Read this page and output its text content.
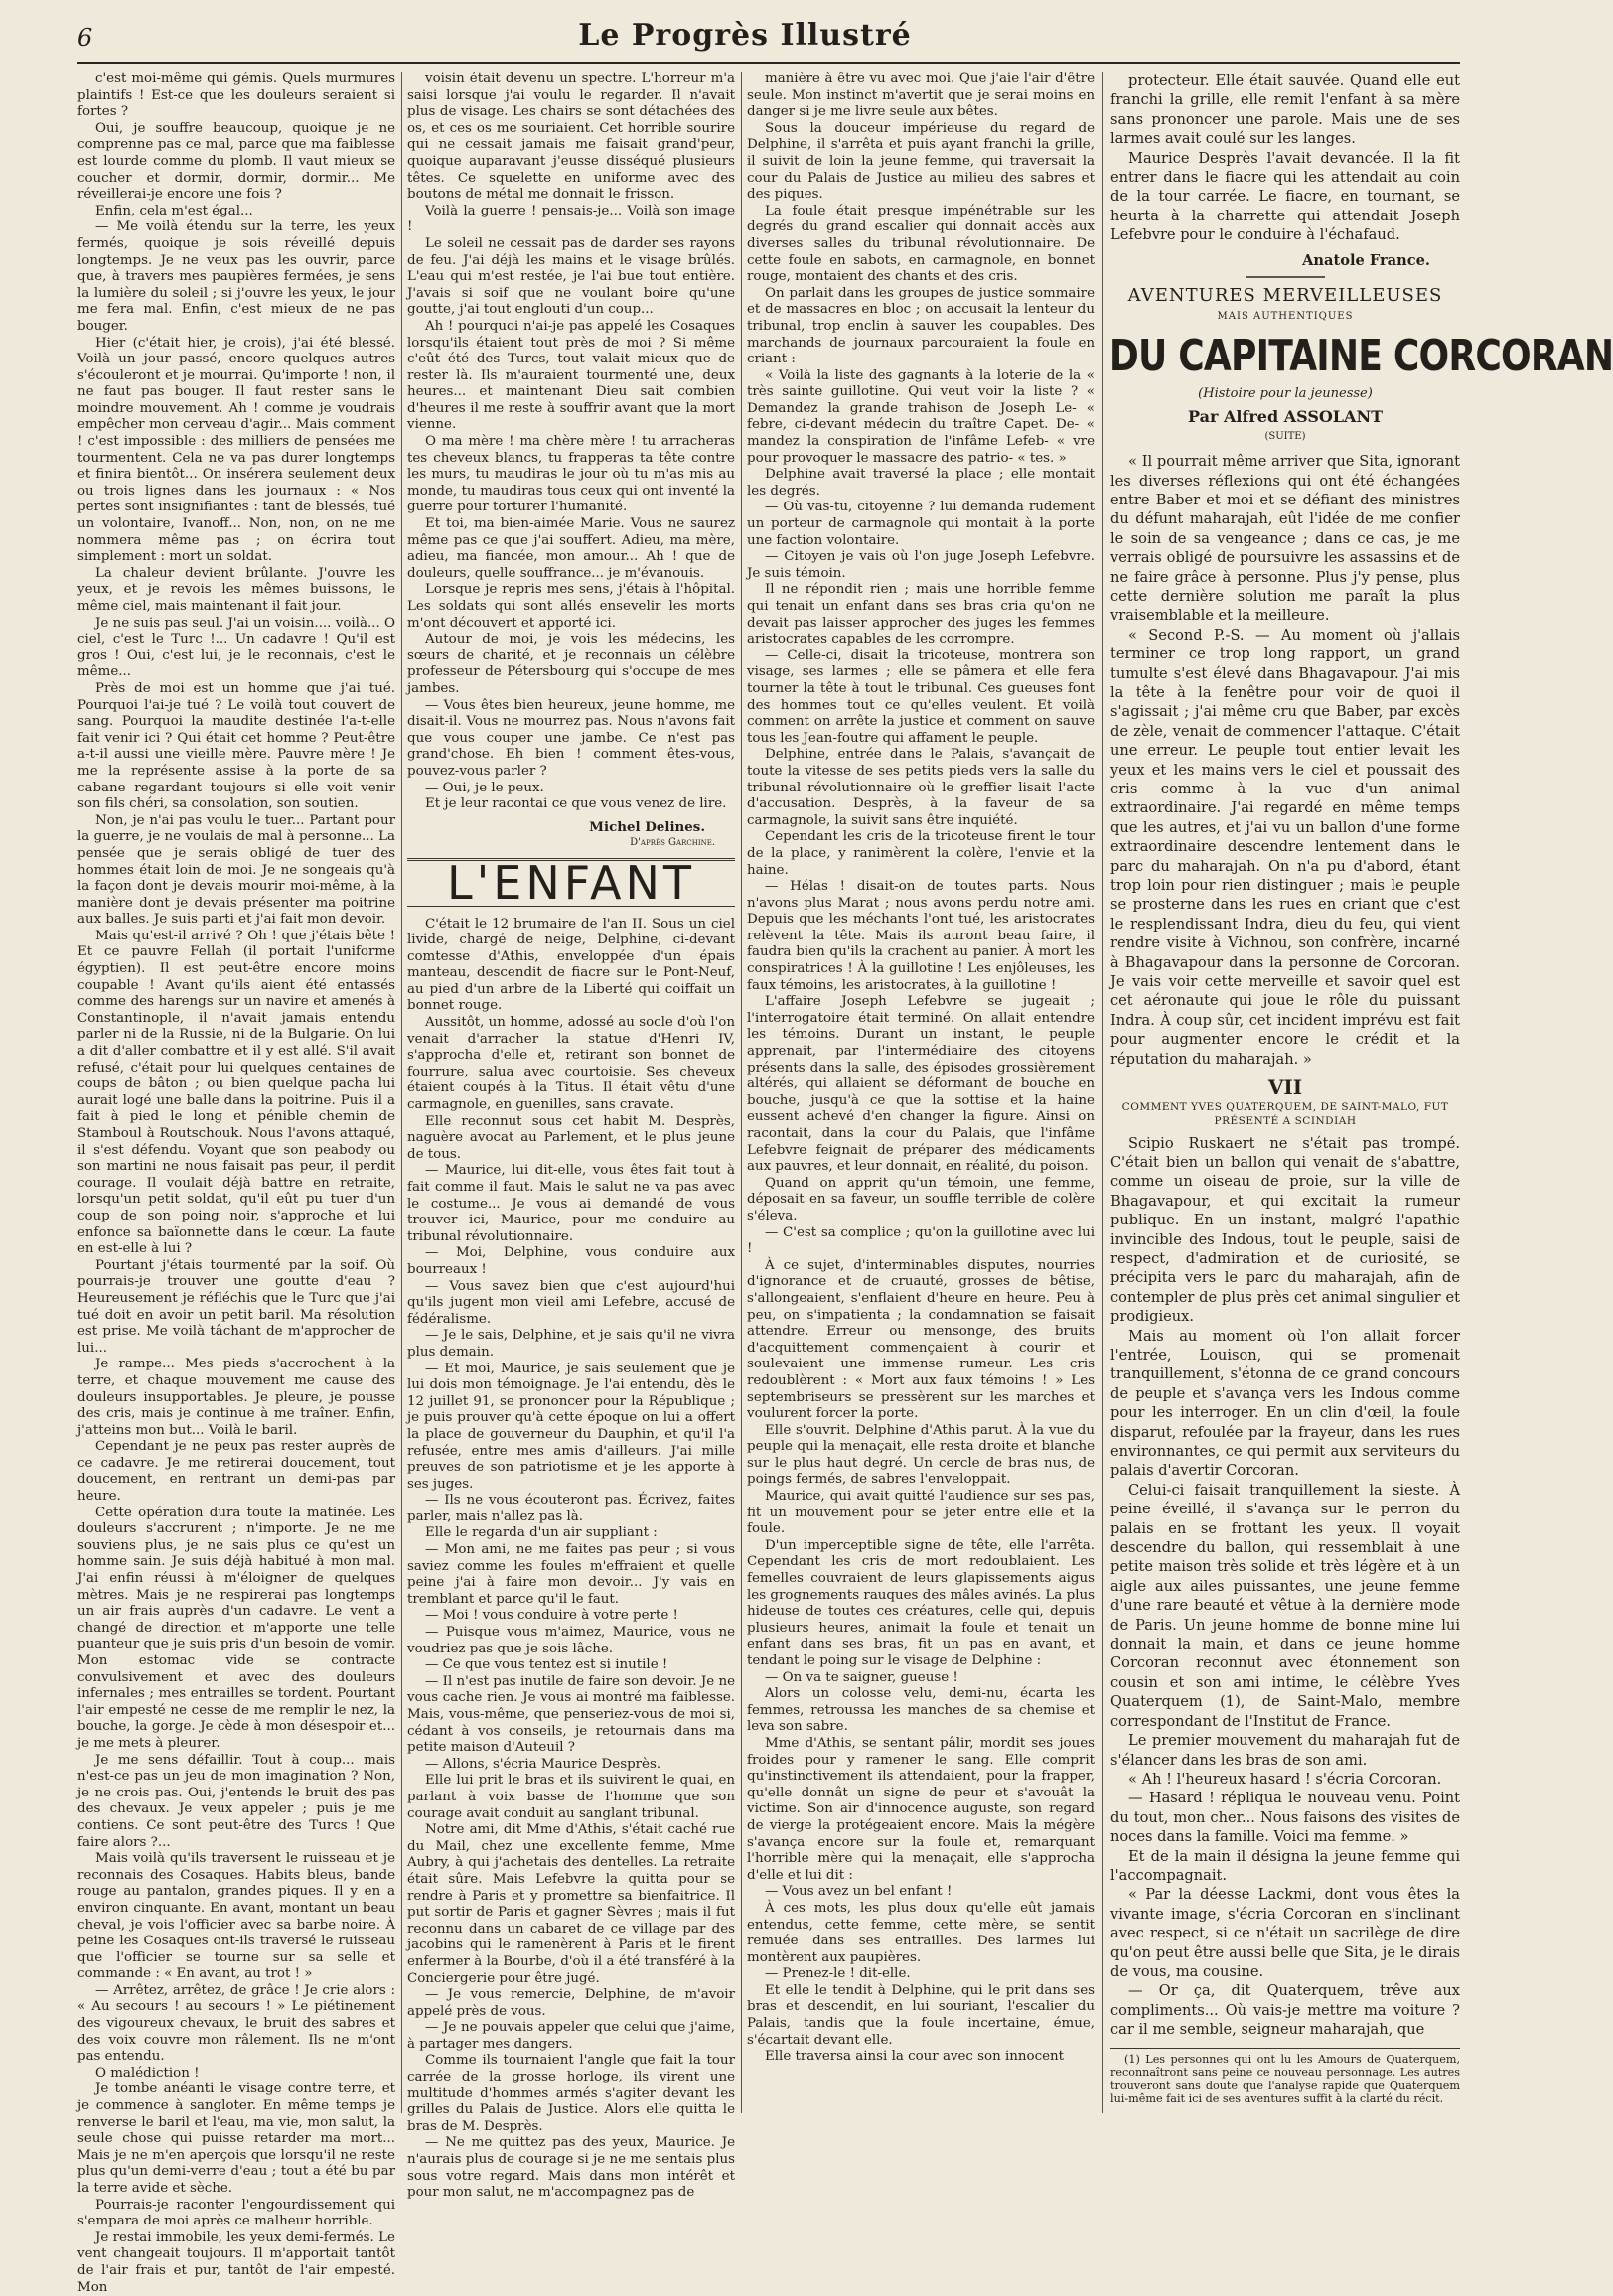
6	Le Progrès Illustré

c'est moi-même qui gémis. Quels murmures plaintifs ! Est-ce que les douleurs seraient si fortes ?

Oui, je souffre beaucoup, quoique je ne comprenne pas ce mal, parce que ma faiblesse est lourde comme du plomb. Il vaut mieux se coucher et dormir, dormir, dormir... Me réveillerai-je encore une fois ?

Enfin, cela m'est égal...

— Me voilà étendu sur la terre, les yeux fermés, quoique je sois réveillé depuis longtemps. Je ne veux pas les ouvrir, parce que, à travers mes paupières fermées, je sens la lumière du soleil ; si j'ouvre les yeux, le jour me fera mal. Enfin, c'est mieux de ne pas bouger.

Hier (c'était hier, je crois), j'ai été blessé. Voilà un jour passé, encore quelques autres s'écouleront et je mourrai. Qu'importe ! non, il ne faut pas bouger. Il faut rester sans le moindre mouvement. Ah ! comme je voudrais empêcher mon cerveau d'agir... Mais comment ! c'est impossible : des milliers de pensées me tourmentent. Cela ne va pas durer longtemps et finira bientôt... On insérera seulement deux ou trois lignes dans les journaux : « Nos pertes sont insignifiantes : tant de blessés, tué un volontaire, Ivanoff... Non, non, on ne me nommera même pas ; on écrira tout simplement : mort un soldat.

La chaleur devient brûlante. J'ouvre les yeux, et je revois les mêmes buissons, le même ciel, mais maintenant il fait jour.

Je ne suis pas seul. J'ai un voisin.... voilà... O ciel, c'est le Turc !... Un cadavre ! Qu'il est gros ! Oui, c'est lui, je le reconnais, c'est le même...

Près de moi est un homme que j'ai tué. Pourquoi l'ai-je tué ? Le voilà tout couvert de sang. Pourquoi la maudite destinée l'a-t-elle fait venir ici ? Qui était cet homme ? Peut-être a-t-il aussi une vieille mère. Pauvre mère ! Je me la représente assise à la porte de sa cabane regardant toujours si elle voit venir son fils chéri, sa consolation, son soutien.

Non, je n'ai pas voulu le tuer... Partant pour la guerre, je ne voulais de mal à personne... La pensée que je serais obligé de tuer des hommes était loin de moi. Je ne songeais qu'à la façon dont je devais mourir moi-même, à la manière dont je devais présenter ma poitrine aux balles. Je suis parti et j'ai fait mon devoir.

Mais qu'est-il arrivé ? Oh ! que j'étais bête ! Et ce pauvre Fellah (il portait l'uniforme égyptien). Il est peut-être encore moins coupable ! Avant qu'ils aient été entassés comme des harengs sur un navire et amenés à Constantinople, il n'avait jamais entendu parler ni de la Russie, ni de la Bulgarie. On lui a dit d'aller combattre et il y est allé. S'il avait refusé, c'était pour lui quelques centaines de coups de bâton ; ou bien quelque pacha lui aurait logé une balle dans la poitrine. Puis il a fait à pied le long et pénible chemin de Stamboul à Routschouk. Nous l'avons attaqué, il s'est défendu. Voyant que son peabody ou son martini ne nous faisait pas peur, il perdit courage. Il voulait déjà battre en retraite, lorsqu'un petit soldat, qu'il eût pu tuer d'un coup de son poing noir, s'approche et lui enfonce sa baïonnette dans le cœur. La faute en est-elle à lui ?

Pourtant j'étais tourmenté par la soif. Où pourrais-je trouver une goutte d'eau ? Heureusement je réfléchis que le Turc que j'ai tué doit en avoir un petit baril. Ma résolution est prise. Me voilà tâchant de m'approcher de lui...

Je rampe... Mes pieds s'accrochent à la terre, et chaque mouvement me cause des douleurs insupportables. Je pleure, je pousse des cris, mais je continue à me traîner. Enfin, j'atteins mon but... Voilà le baril.

Cependant je ne peux pas rester auprès de ce cadavre. Je me retirerai doucement, tout doucement, en rentrant un demi-pas par heure.

Cette opération dura toute la matinée. Les douleurs s'accrurent ; n'importe. Je ne me souviens plus, je ne sais plus ce qu'est un homme sain. Je suis déjà habitué à mon mal. J'ai enfin réussi à m'éloigner de quelques mètres. Mais je ne respirerai pas longtemps un air frais auprès d'un cadavre. Le vent a changé de direction et m'apporte une telle puanteur que je suis pris d'un besoin de vomir. Mon estomac vide se contracte convulsivement et avec des douleurs infernales ; mes entrailles se tordent. Pourtant l'air empesté ne cesse de me remplir le nez, la bouche, la gorge. Je cède à mon désespoir et... je me mets à pleurer.

Je me sens défaillir. Tout à coup... mais n'est-ce pas un jeu de mon imagination ? Non, je ne crois pas. Oui, j'entends le bruit des pas des chevaux. Je veux appeler ; puis je me contiens. Ce sont peut-être des Turcs ! Que faire alors ?...

Mais voilà qu'ils traversent le ruisseau et je reconnais des Cosaques. Habits bleus, bande rouge au pantalon, grandes piques. Il y en a environ cinquante. En avant, montant un beau cheval, je vois l'officier avec sa barbe noire. À peine les Cosaques ont-ils traversé le ruisseau que l'officier se tourne sur sa selle et commande : « En avant, au trot ! »

— Arrêtez, arrêtez, de grâce ! Je crie alors : « Au secours ! au secours ! » Le piétinement des vigoureux chevaux, le bruit des sabres et des voix couvre mon râlement. Ils ne m'ont pas entendu.

O malédiction !

Je tombe anéanti le visage contre terre, et je commence à sangloter. En même temps je renverse le baril et l'eau, ma vie, mon salut, la seule chose qui puisse retarder ma mort... Mais je ne m'en aperçois que lorsqu'il ne reste plus qu'un demi-verre d'eau ; tout a été bu par la terre avide et sèche.

Pourrais-je raconter l'engourdissement qui s'empara de moi après ce malheur horrible.

Je restai immobile, les yeux demi-fermés. Le vent changeait toujours. Il m'apportait tantôt de l'air frais et pur, tantôt de l'air empesté. Mon

voisin était devenu un spectre. L'horreur m'a saisi lorsque j'ai voulu le regarder. Il n'avait plus de visage. Les chairs se sont détachées des os, et ces os me souriaient. Cet horrible sourire qui ne cessait jamais me faisait grand'peur, quoique auparavant j'eusse disséqué plusieurs têtes. Ce squelette en uniforme avec des boutons de métal me donnait le frisson.

Voilà la guerre ! pensais-je... Voilà son image !

Le soleil ne cessait pas de darder ses rayons de feu. J'ai déjà les mains et le visage brûlés. L'eau qui m'est restée, je l'ai bue tout entière. J'avais si soif que ne voulant boire qu'une goutte, j'ai tout englouti d'un coup...

Ah ! pourquoi n'ai-je pas appelé les Cosaques lorsqu'ils étaient tout près de moi ? Si même c'eût été des Turcs, tout valait mieux que de rester là. Ils m'auraient tourmenté une, deux heures... et maintenant Dieu sait combien d'heures il me reste à souffrir avant que la mort vienne.

O ma mère ! ma chère mère ! tu arracheras tes cheveux blancs, tu frapperas ta tête contre les murs, tu maudiras le jour où tu m'as mis au monde, tu maudiras tous ceux qui ont inventé la guerre pour torturer l'humanité.

Et toi, ma bien-aimée Marie. Vous ne saurez même pas ce que j'ai souffert. Adieu, ma mère, adieu, ma fiancée, mon amour... Ah ! que de douleurs, quelle souffrance... je m'évanouis.

Lorsque je repris mes sens, j'étais à l'hôpital. Les soldats qui sont allés ensevelir les morts m'ont découvert et apporté ici.

Autour de moi, je vois les médecins, les sœurs de charité, et je reconnais un célèbre professeur de Pétersbourg qui s'occupe de mes jambes.

— Vous êtes bien heureux, jeune homme, me disait-il. Vous ne mourrez pas. Nous n'avons fait que vous couper une jambe. Ce n'est pas grand'chose. Eh bien ! comment êtes-vous, pouvez-vous parler ?

— Oui, je le peux.

Et je leur racontai ce que vous venez de lire.

Michel Delines.
D'après Garchine.
L'ENFANT

C'était le 12 brumaire de l'an II. Sous un ciel livide, chargé de neige, Delphine, ci-devant comtesse d'Athis, enveloppée d'un épais manteau, descendit de fiacre sur le Pont-Neuf, au pied d'un arbre de la Liberté qui coiffait un bonnet rouge.

Aussitôt, un homme, adossé au socle d'où l'on venait d'arracher la statue d'Henri IV, s'approcha d'elle et, retirant son bonnet de fourrure, salua avec courtoisie. Ses cheveux étaient coupés à la Titus. Il était vêtu d'une carmagnole, en guenilles, sans cravate.

Elle reconnut sous cet habit M. Desprès, naguère avocat au Parlement, et le plus jeune de tous.

— Maurice, lui dit-elle, vous êtes fait tout à fait comme il faut. Mais le salut ne va pas avec le costume... Je vous ai demandé de vous trouver ici, Maurice, pour me conduire au tribunal révolutionnaire.

— Moi, Delphine, vous conduire aux bourreaux !

— Vous savez bien que c'est aujourd'hui qu'ils jugent mon vieil ami Lefebre, accusé de fédéralisme.

— Je le sais, Delphine, et je sais qu'il ne vivra plus demain.

— Et moi, Maurice, je sais seulement que je lui dois mon témoignage. Je l'ai entendu, dès le 12 juillet 91, se prononcer pour la République ; je puis prouver qu'à cette époque on lui a offert la place de gouverneur du Dauphin, et qu'il l'a refusée, entre mes amis d'ailleurs. J'ai mille preuves de son patriotisme et je les apporte à ses juges.

— Ils ne vous écouteront pas. Écrivez, faites parler, mais n'allez pas là.

Elle le regarda d'un air suppliant :

— Mon ami, ne me faites pas peur ; si vous saviez comme les foules m'effraient et quelle peine j'ai à faire mon devoir... J'y vais en tremblant et parce qu'il le faut.

— Moi ! vous conduire à votre perte !

— Puisque vous m'aimez, Maurice, vous ne voudriez pas que je sois lâche.

— Ce que vous tentez est si inutile !

— Il n'est pas inutile de faire son devoir. Je ne vous cache rien. Je vous ai montré ma faiblesse. Mais, vous-même, que penseriez-vous de moi si, cédant à vos conseils, je retournais dans ma petite maison d'Auteuil ?

— Allons, s'écria Maurice Desprès.

Elle lui prit le bras et ils suivirent le quai, en parlant à voix basse de l'homme que son courage avait conduit au sanglant tribunal.

Notre ami, dit Mme d'Athis, s'était caché rue du Mail, chez une excellente femme, Mme Aubry, à qui j'achetais des dentelles. La retraite était sûre. Mais Lefebvre la quitta pour se rendre à Paris et y promettre sa bienfaitrice. Il put sortir de Paris et gagner Sèvres ; mais il fut reconnu dans un cabaret de ce village par des jacobins qui le ramenèrent à Paris et le firent enfermer à la Bourbe, d'où il a été transféré à la Conciergerie pour être jugé.

— Je vous remercie, Delphine, de m'avoir appelé près de vous.

— Je ne pouvais appeler que celui que j'aime, à partager mes dangers.

Comme ils tournaient l'angle que fait la tour carrée de la grosse horloge, ils virent une multitude d'hommes armés s'agiter devant les grilles du Palais de Justice. Alors elle quitta le bras de M. Desprès.

— Ne me quittez pas des yeux, Maurice. Je n'aurais plus de courage si je ne me sentais plus sous votre regard. Mais dans mon intérêt et pour mon salut, ne m'accompagnez pas de

manière à être vu avec moi. Que j'aie l'air d'être seule. Mon instinct m'avertit que je serai moins en danger si je me livre seule aux bêtes.

Sous la douceur impérieuse du regard de Delphine, il s'arrêta et puis ayant franchi la grille, il suivit de loin la jeune femme, qui traversait la cour du Palais de Justice au milieu des sabres et des piques.

La foule était presque impénétrable sur les degrés du grand escalier qui donnait accès aux diverses salles du tribunal révolutionnaire. De cette foule en sabots, en carmagnole, en bonnet rouge, montaient des chants et des cris.

On parlait dans les groupes de justice sommaire et de massacres en bloc ; on accusait la lenteur du tribunal, trop enclin à sauver les coupables. Des marchands de journaux parcouraient la foule en criant :

« Voilà la liste des gagnants à la loterie de la « très sainte guillotine. Qui veut voir la liste ? « Demandez la grande trahison de Joseph Le- « febre, ci-devant médecin du traître Capet. De- « mandez la conspiration de l'infâme Lefeb- « vre pour provoquer le massacre des patrio- « tes. »

Delphine avait traversé la place ; elle montait les degrés.

— Où vas-tu, citoyenne ? lui demanda rudement un porteur de carmagnole qui montait à la porte une faction volontaire.

— Citoyen je vais où l'on juge Joseph Lefebvre. Je suis témoin.

Il ne répondit rien ; mais une horrible femme qui tenait un enfant dans ses bras cria qu'on ne devait pas laisser approcher des juges les femmes aristocrates capables de les corrompre.

— Celle-ci, disait la tricoteuse, montrera son visage, ses larmes ; elle se pâmera et elle fera tourner la tête à tout le tribunal. Ces gueuses font des hommes tout ce qu'elles veulent. Et voilà comment on arrête la justice et comment on sauve tous les Jean-foutre qui affament le peuple.

Delphine, entrée dans le Palais, s'avançait de toute la vitesse de ses petits pieds vers la salle du tribunal révolutionnaire où le greffier lisait l'acte d'accusation. Desprès, à la faveur de sa carmagnole, la suivit sans être inquiété.

Cependant les cris de la tricoteuse firent le tour de la place, y ranimèrent la colère, l'envie et la haine.

— Hélas ! disait-on de toutes parts. Nous n'avons plus Marat ; nous avons perdu notre ami. Depuis que les méchants l'ont tué, les aristocrates relèvent la tête. Mais ils auront beau faire, il faudra bien qu'ils la crachent au panier. À mort les conspiratrices ! À la guillotine ! Les enjôleuses, les faux témoins, les aristocrates, à la guillotine !

L'affaire Joseph Lefebvre se jugeait ; l'interrogatoire était terminé. On allait entendre les témoins. Durant un instant, le peuple apprenait, par l'intermédiaire des citoyens présents dans la salle, des épisodes grossièrement altérés, qui allaient se déformant de bouche en bouche, jusqu'à ce que la sottise et la haine eussent achevé d'en changer la figure. Ainsi on racontait, dans la cour du Palais, que l'infâme Lefebvre feignait de préparer des médicaments aux pauvres, et leur donnait, en réalité, du poison.

Quand on apprit qu'un témoin, une femme, déposait en sa faveur, un souffle terrible de colère s'éleva.

— C'est sa complice ; qu'on la guillotine avec lui !

À ce sujet, d'interminables disputes, nourries d'ignorance et de cruauté, grosses de bêtise, s'allongeaient, s'enflaient d'heure en heure. Peu à peu, on s'impatienta ; la condamnation se faisait attendre. Erreur ou mensonge, des bruits d'acquittement commençaient à courir et soulevaient une immense rumeur. Les cris redoublèrent : « Mort aux faux témoins ! » Les septembriseurs se pressèrent sur les marches et voulurent forcer la porte.

Elle s'ouvrit. Delphine d'Athis parut. À la vue du peuple qui la menaçait, elle resta droite et blanche sur le plus haut degré. Un cercle de bras nus, de poings fermés, de sabres l'enveloppait.

Maurice, qui avait quitté l'audience sur ses pas, fit un mouvement pour se jeter entre elle et la foule.

D'un imperceptible signe de tête, elle l'arrêta. Cependant les cris de mort redoublaient. Les femelles couvraient de leurs glapissements aigus les grognements rauques des mâles avinés. La plus hideuse de toutes ces créatures, celle qui, depuis plusieurs heures, animait la foule et tenait un enfant dans ses bras, fit un pas en avant, et tendant le poing sur le visage de Delphine :

— On va te saigner, gueuse !

Alors un colosse velu, demi-nu, écarta les femmes, retroussa les manches de sa chemise et leva son sabre.

Mme d'Athis, se sentant pâlir, mordit ses joues froides pour y ramener le sang. Elle comprit qu'instinctivement ils attendaient, pour la frapper, qu'elle donnât un signe de peur et s'avouât la victime. Son air d'innocence auguste, son regard de vierge la protégeaient encore. Mais la mégère s'avança encore sur la foule et, remarquant l'horrible mère qui la menaçait, elle s'approcha d'elle et lui dit :

— Vous avez un bel enfant !

À ces mots, les plus doux qu'elle eût jamais entendus, cette femme, cette mère, se sentit remuée dans ses entrailles. Des larmes lui montèrent aux paupières.

— Prenez-le ! dit-elle.

Et elle le tendit à Delphine, qui le prit dans ses bras et descendit, en lui souriant, l'escalier du Palais, tandis que la foule incertaine, émue, s'écartait devant elle.

Elle traversa ainsi la cour avec son innocent

protecteur. Elle était sauvée. Quand elle eut franchi la grille, elle remit l'enfant à sa mère sans prononcer une parole. Mais une de ses larmes avait coulé sur les langes.

Maurice Desprès l'avait devancée. Il la fit entrer dans le fiacre qui les attendait au coin de la tour carrée. Le fiacre, en tournant, se heurta à la charrette qui attendait Joseph Lefebvre pour le conduire à l'échafaud.

Anatole France.
AVENTURES MERVEILLEUSES
MAIS AUTHENTIQUES
DU CAPITAINE CORCORAN
(Histoire pour la jeunesse)
Par Alfred ASSOLANT
(SUITE)

« Il pourrait même arriver que Sita, ignorant les diverses réflexions qui ont été échangées entre Baber et moi et se défiant des ministres du défunt maharajah, eût l'idée de me confier le soin de sa vengeance ; dans ce cas, je me verrais obligé de poursuivre les assassins et de ne faire grâce à personne. Plus j'y pense, plus cette dernière solution me paraît la plus vraisemblable et la meilleure.

« Second P.-S. — Au moment où j'allais terminer ce trop long rapport, un grand tumulte s'est élevé dans Bhagavapour. J'ai mis la tête à la fenêtre pour voir de quoi il s'agissait ; j'ai même cru que Baber, par excès de zèle, venait de commencer l'attaque. C'était une erreur. Le peuple tout entier levait les yeux et les mains vers le ciel et poussait des cris comme à la vue d'un animal extraordinaire. J'ai regardé en même temps que les autres, et j'ai vu un ballon d'une forme extraordinaire descendre lentement dans le parc du maharajah. On n'a pu d'abord, étant trop loin pour rien distinguer ; mais le peuple se prosterne dans les rues en criant que c'est le resplendissant Indra, dieu du feu, qui vient rendre visite à Vichnou, son confrère, incarné à Bhagavapour dans la personne de Corcoran. Je vais voir cette merveille et savoir quel est cet aéronaute qui joue le rôle du puissant Indra. À coup sûr, cet incident imprévu est fait pour augmenter encore le crédit et la réputation du maharajah. »

VII
COMMENT YVES QUATERQUEM, DE SAINT-MALO, FUT PRÉSENTÉ A SCINDIAH

Scipio Ruskaert ne s'était pas trompé. C'était bien un ballon qui venait de s'abattre, comme un oiseau de proie, sur la ville de Bhagavapour, et qui excitait la rumeur publique. En un instant, malgré l'apathie invincible des Indous, tout le peuple, saisi de respect, d'admiration et de curiosité, se précipita vers le parc du maharajah, afin de contempler de plus près cet animal singulier et prodigieux.

Mais au moment où l'on allait forcer l'entrée, Louison, qui se promenait tranquillement, s'étonna de ce grand concours de peuple et s'avança vers les Indous comme pour les interroger. En un clin d'œil, la foule disparut, refoulée par la frayeur, dans les rues environnantes, ce qui permit aux serviteurs du palais d'avertir Corcoran.

Celui-ci faisait tranquillement la sieste. À peine éveillé, il s'avança sur le perron du palais en se frottant les yeux. Il voyait descendre du ballon, qui ressemblait à une petite maison très solide et très légère et à un aigle aux ailes puissantes, une jeune femme d'une rare beauté et vêtue à la dernière mode de Paris. Un jeune homme de bonne mine lui donnait la main, et dans ce jeune homme Corcoran reconnut avec étonnement son cousin et son ami intime, le célèbre Yves Quaterquem (1), de Saint-Malo, membre correspondant de l'Institut de France.

Le premier mouvement du maharajah fut de s'élancer dans les bras de son ami.

« Ah ! l'heureux hasard ! s'écria Corcoran.

— Hasard ! répliqua le nouveau venu. Point du tout, mon cher... Nous faisons des visites de noces dans la famille. Voici ma femme. »

Et de la main il désigna la jeune femme qui l'accompagnait.

« Par la déesse Lackmi, dont vous êtes la vivante image, s'écria Corcoran en s'inclinant avec respect, si ce n'était un sacrilège de dire qu'on peut être aussi belle que Sita, je le dirais de vous, ma cousine.

— Or ça, dit Quaterquem, trêve aux compliments... Où vais-je mettre ma voiture ? car il me semble, seigneur maharajah, que

(1) Les personnes qui ont lu les Amours de Quaterquem, reconnaîtront sans peine ce nouveau personnage. Les autres trouveront sans doute que l'analyse rapide que Quaterquem lui-même fait ici de ses aventures suffit à la clarté du récit.
